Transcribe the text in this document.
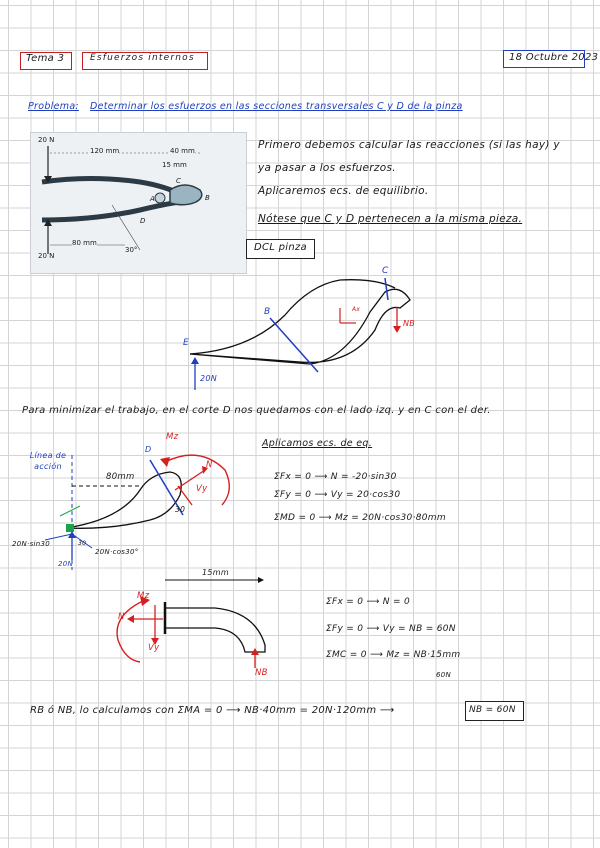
Tema 3	Esfuerzos internos	18 Octubre 2023
Problema: Determinar los esfuerzos en las secciones transversales C y D de la pinza
20 N
20 N
120 mm	40 mm
15 mm
80 mm
30°
A	B
C
D
Primero debemos calcular las reacciones (si las hay) y
ya pasar a los esfuerzos.
Aplicaremos ecs. de equilibrio.
Nótese que C y D pertenecen a la misma pieza.
DCL pinza
B
C
E
20N
NB
Ax
Para minimizar el trabajo, en el corte D nos quedamos con el lado izq. y en C con el der.
Línea de acción
80mm
Mz
N
Vy
30
D
20N
20N·sin30
20N·cos30°
30
Aplicamos ecs. de eq.
ΣFx = 0 ⟶ N = -20·sin30
ΣFy = 0 ⟶ Vy = 20·cos30
ΣMD = 0 ⟶ Mz = 20N·cos30·80mm
15mm
Mz
N
Vy
NB
ΣFx = 0 ⟶ N = 0
ΣFy = 0 ⟶ Vy = NB = 60N
ΣMC = 0 ⟶ Mz = NB·15mm
60N
RB ó NB, lo calculamos con ΣMA = 0 ⟶ NB·40mm = 20N·120mm ⟶	NB = 60N
